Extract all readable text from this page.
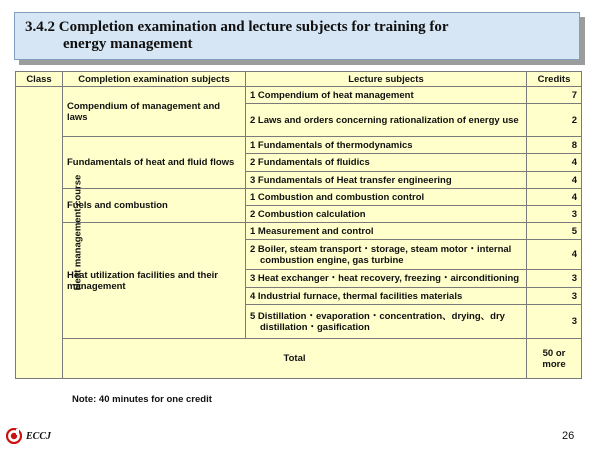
3.4.2 Completion examination and lecture subjects for training for energy management
Class	Completion examination subjects	Lecture subjects	Credits
Heat management course	Compendium of management and laws	1 Compendium of heat management	7

		2 Laws and orders concerning rationalization of energy use	2
	Fundamentals of heat and fluid flows	1 Fundamentals of thermodynamics	8

		2 Fundamentals of fluidics	4

		3 Fundamentals of Heat transfer engineering	4
	Fuels and combustion	1 Combustion and combustion control	4

		2 Combustion calculation	3
	Heat utilization facilities and their management	1 Measurement and control	5

		2 Boiler, steam transport・storage, steam motor・internal combustion engine, gas turbine	4

		3 Heat exchanger・heat recovery, freezing・airconditioning	3

		4 Industrial furnace, thermal facilities materials	3

		5 Distillation・evaporation・concentration、drying、dry distillation・gasification	3
	Total		50 or more
Note: 40 minutes for one credit
ECCJ	26
